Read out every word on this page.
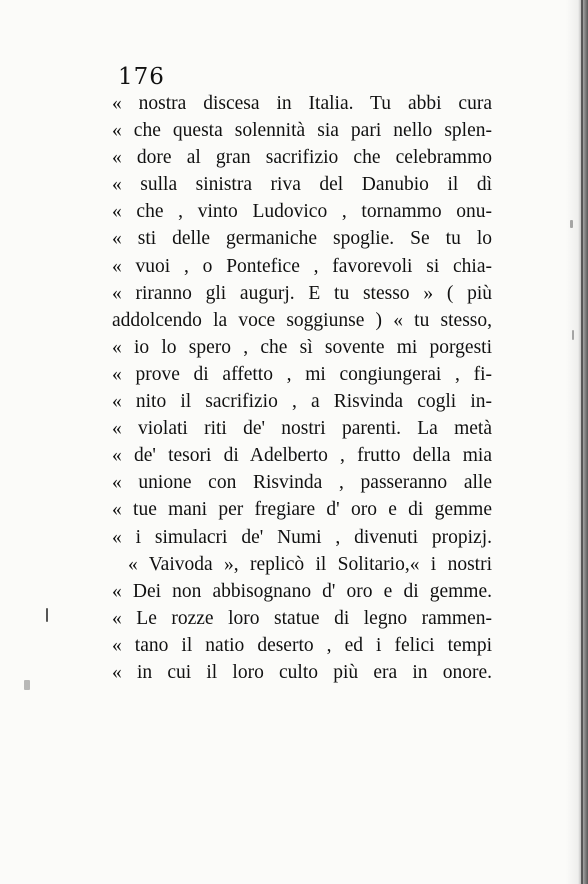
176
« nostra discesa in Italia. Tu abbi cura
« che questa solennità sia pari nello splen-
« dore al gran sacrifizio che celebrammo
« sulla sinistra riva del Danubio il dì
« che , vinto Ludovico , tornammo onu-
« sti delle germaniche spoglie. Se tu lo
« vuoi , o Pontefice , favorevoli si chia-
« riranno gli augurj. E tu stesso » ( più
addolcendo la voce soggiunse ) « tu stesso,
« io lo spero , che sì sovente mi porgesti
« prove di affetto , mi congiungerai , fi-
« nito il sacrifizio , a Risvinda cogli in-
« violati riti de' nostri parenti. La metà
« de' tesori di Adelberto , frutto della mia
« unione con Risvinda , passeranno alle
« tue mani per fregiare d' oro e di gemme
« i simulacri de' Numi , divenuti propizj.
« Vaivoda », replicò il Solitario,« i nostri
« Dei non abbisognano d' oro e di gemme.
« Le rozze loro statue di legno rammen-
« tano il natio deserto , ed i felici tempi
« in cui il loro culto più era in onore.
